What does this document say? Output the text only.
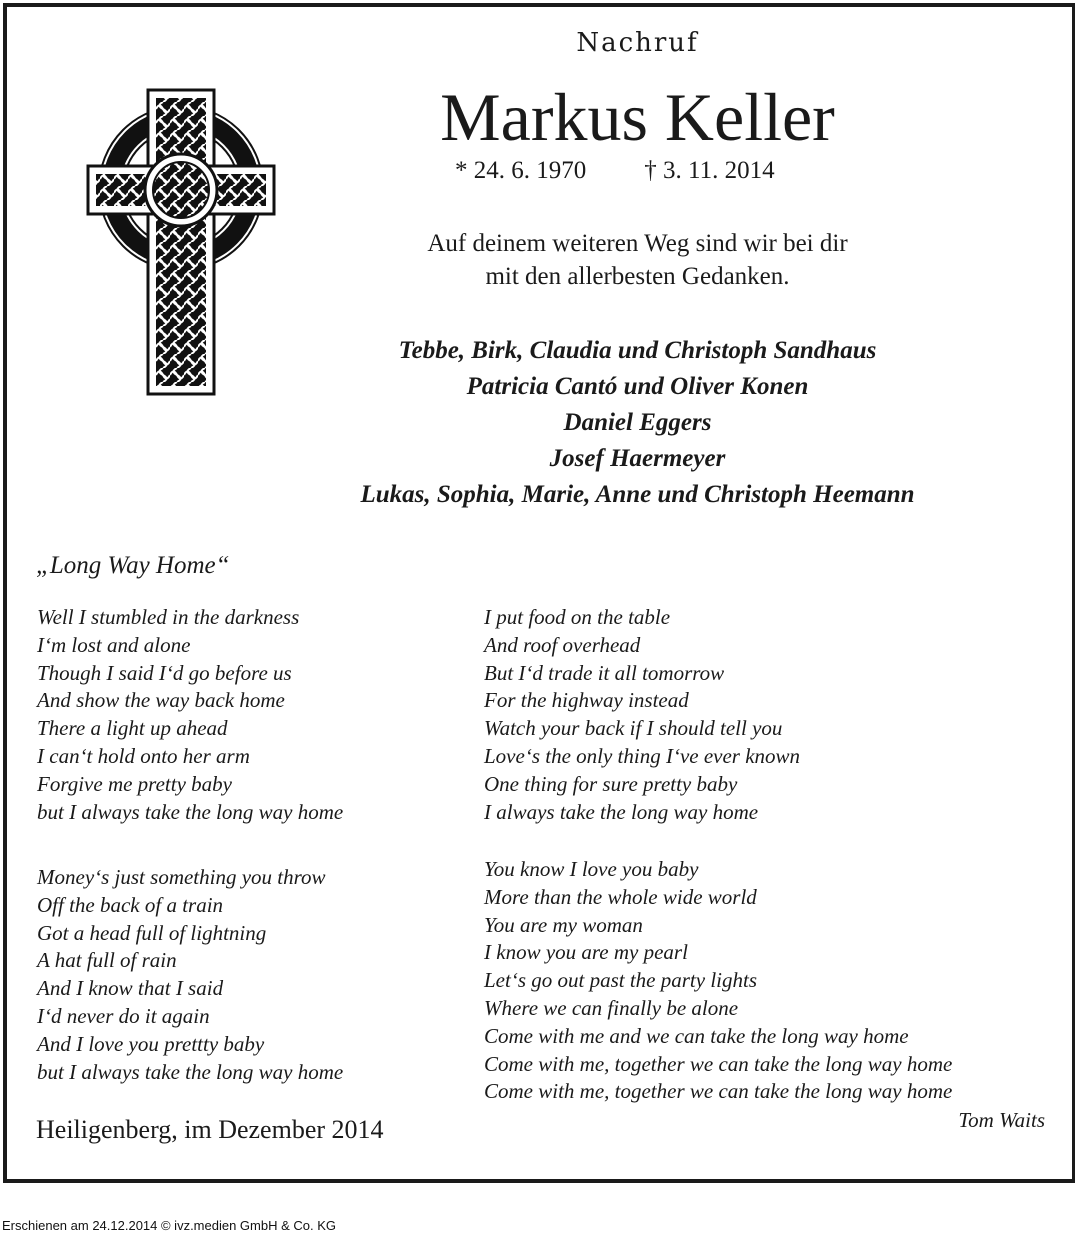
Nachruf
Markus Keller
* 24. 6. 1970 † 3. 11. 2014
Auf deinem weiteren Weg sind wir bei dir
mit den allerbesten Gedanken.
Tebbe, Birk, Claudia und Christoph Sandhaus
Patricia Cantó und Oliver Konen
Daniel Eggers
Josef Haermeyer
Lukas, Sophia, Marie, Anne und Christoph Heemann
„Long Way Home“
Well I stumbled in the darkness
I‘m lost and alone
Though I said I‘d go before us
And show the way back home
There a light up ahead
I can‘t hold onto her arm
Forgive me pretty baby
but I always take the long way home
Money‘s just something you throw
Off the back of a train
Got a head full of lightning
A hat full of rain
And I know that I said
I‘d never do it again
And I love you prettty baby
but I always take the long way home
I put food on the table
And roof overhead
But I‘d trade it all tomorrow
For the highway instead
Watch your back if I should tell you
Love‘s the only thing I‘ve ever known
One thing for sure pretty baby
I always take the long way home
You know I love you baby
More than the whole wide world
You are my woman
I know you are my pearl
Let‘s go out past the party lights
Where we can finally be alone
Come with me and we can take the long way home
Come with me, together we can take the long way home
Come with me, together we can take the long way home
Tom Waits
Heiligenberg, im Dezember 2014
Erschienen am 24.12.2014 © ivz.medien GmbH & Co. KG
